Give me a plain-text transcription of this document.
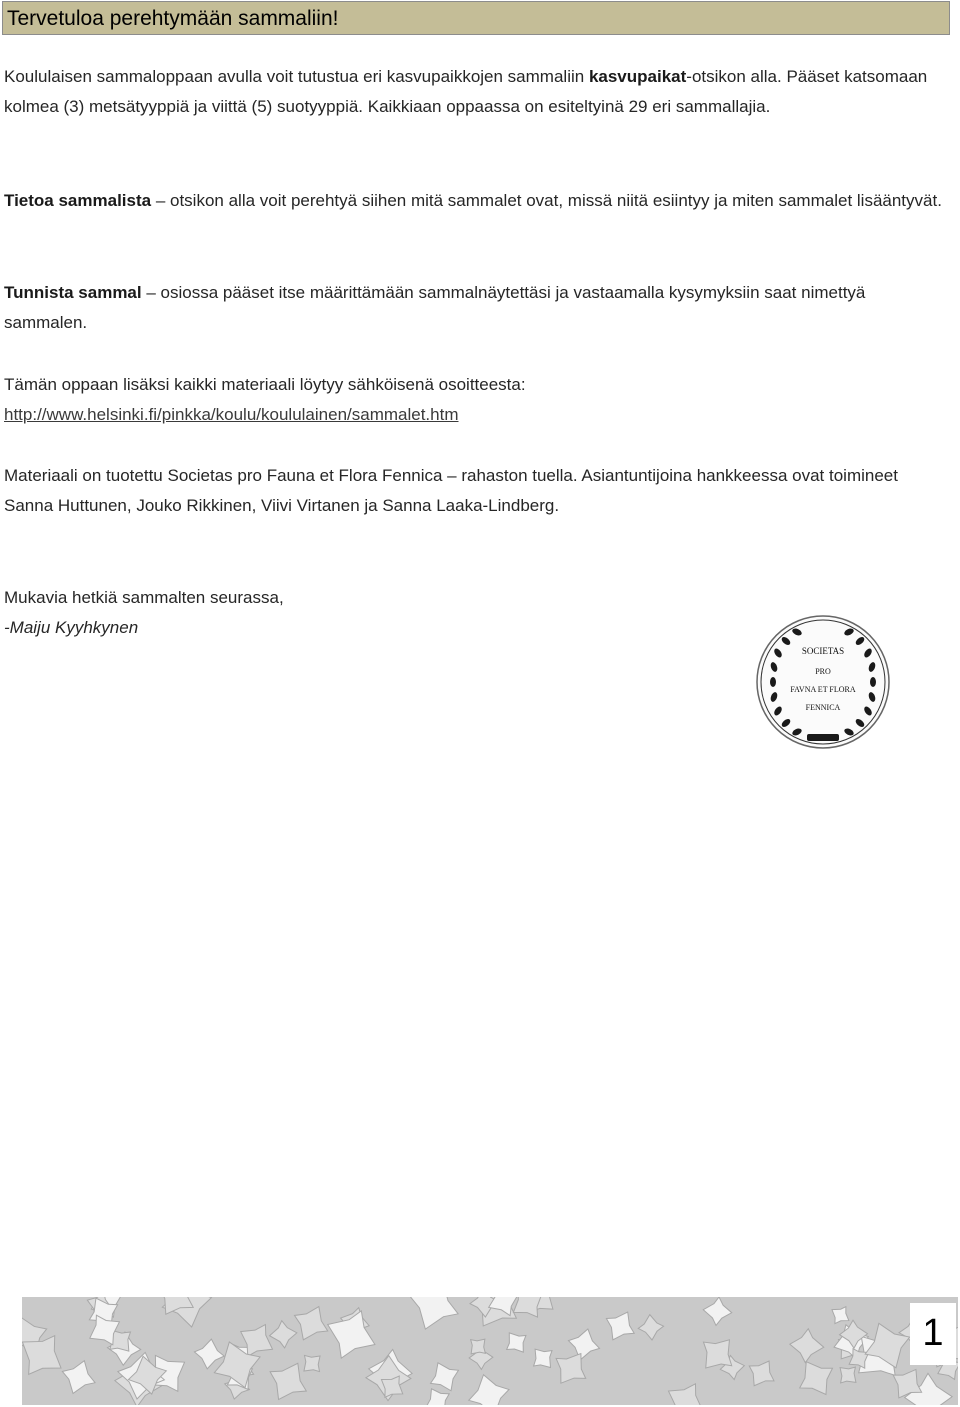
Tervetuloa perehtymään sammaliin!

Koululaisen sammaloppaan avulla voit tutustua eri kasvupaikkojen sammaliin kasvupaikat-otsikon alla. Pääset katsomaan kolmea (3) metsätyyppiä ja viittä (5) suotyyppiä. Kaikkiaan oppaassa on esiteltyinä 29 eri sammallajia.

Tietoa sammalista – otsikon alla voit perehtyä siihen mitä sammalet ovat, missä niitä esiintyy ja miten sammalet lisääntyvät.

Tunnista sammal – osiossa pääset itse määrittämään sammalnäytettäsi ja vastaamalla kysymyksiin saat nimettyä sammalen.

Tämän oppaan lisäksi kaikki materiaali löytyy sähköisenä osoitteesta:
http://www.helsinki.fi/pinkka/koulu/koululainen/sammalet.htm

Materiaali on tuotettu Societas pro Fauna et Flora Fennica – rahaston tuella. Asiantuntijoina hankkeessa ovat toimineet Sanna Huttunen, Jouko Rikkinen, Viivi Virtanen ja Sanna Laaka-Lindberg.

Mukavia hetkiä sammalten seurassa,
-Maiju Kyyhkynen

SOCIETAS
PRO
FAVNA ET FLORA
FENNICA
1
